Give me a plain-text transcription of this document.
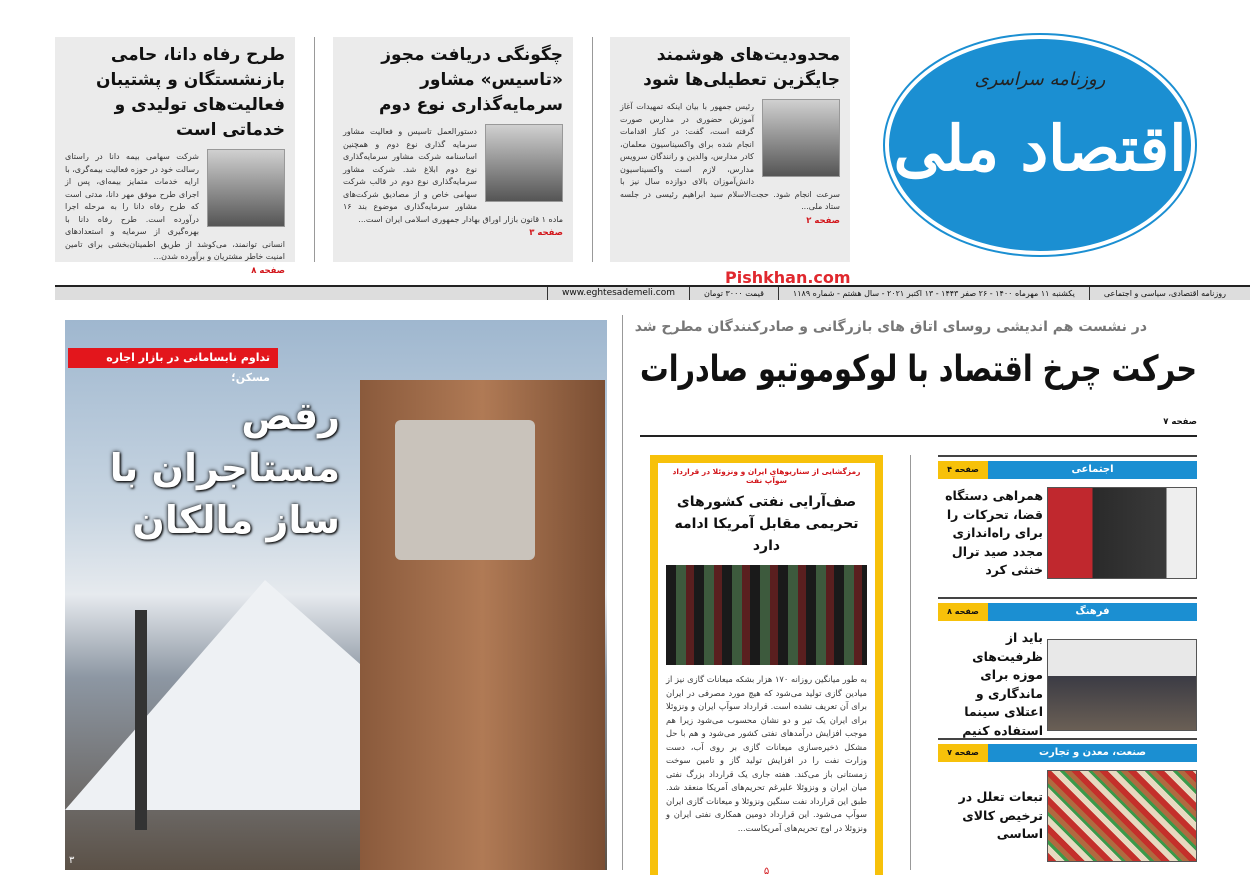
روزنامه سراسری
اقتصاد ملی
محدودیت‌های هوشمند جایگزین تعطیلی‌ها شود

رئیس جمهور با بیان اینکه تمهیدات آغاز آموزش حضوری در مدارس صورت گرفته است، گفت: در کنار اقدامات انجام شده برای واکسیناسیون معلمان، کادر مدارس، والدین و رانندگان سرویس مدارس، لازم است واکسیناسیون دانش‌آموزان بالای دوازده سال نیز با سرعت انجام شود. حجت‌الاسلام سید ابراهیم رئیسی در جلسه ستاد ملی...

صفحه ۲
چگونگی دریافت مجوز «تاسیس» مشاور سرمایه‌گذاری نوع دوم

دستورالعمل تاسیس و فعالیت مشاور سرمایه گذاری نوع دوم و همچنین اساسنامه شرکت مشاور سرمایه‌گذاری نوع دوم ابلاغ شد. شرکت مشاور سرمایه‌گذاری نوع دوم در قالب شرکت سهامی خاص و از مصادیق شرکت‌های مشاور سرمایه‌گذاری موضوع بند ۱۶ ماده ۱ قانون بازار اوراق بهادار جمهوری اسلامی ایران است...

صفحه ۳
طرح رفاه دانا، حامی بازنشستگان و پشتیبان فعالیت‌های تولیدی و خدماتی است

شرکت سهامی بیمه دانا در راستای رسالت خود در حوزه فعالیت بیمه‌گری، با ارایه خدمات متمایز بیمه‌ای، پس از اجرای طرح موفق مهر دانا، مدتی است که طرح رفاه دانا را به مرحله اجرا درآورده است. طرح رفاه دانا با بهره‌گیری از سرمایه و استعدادهای انسانی توانمند، می‌کوشد از طریق اطمینان‌بخشی برای تامین امنیت خاطر مشتریان و برآورده شدن...

صفحه ۸
روزنامه اقتصادی، سیاسی و اجتماعی
یکشنبه ۱۱ مهرماه ۱۴۰۰ - ۲۶ صفر ۱۴۴۳ - ۱۳ اکتبر ۲۰۲۱ - سال هشتم - شماره ۱۱۸۹
قیمت ۳۰۰۰ تومان
www.eghtesademeli.com
Pishkhan.com
تداوم نابسامانی در بازار اجاره مسکن؛
رقص مستاجران با ساز مالکان
۳
در نشست هم اندیشی روسای اتاق های بازرگانی و صادرکنندگان مطرح شد
حرکت چرخ اقتصاد با لوکوموتیو صادرات
صفحه ۷
رمزگشایی از سناریوهای ایران و ونزوئلا در قرارداد سوآپ نفت
صف‌آرایی نفتی کشورهای تحریمی مقابل آمریکا ادامه دارد

به طور میانگین روزانه ۱۷۰ هزار بشکه میعانات گازی نیز از میادین گازی تولید می‌شود که هیچ مورد مصرفی در ایران برای آن تعریف نشده است. قرارداد سوآپ ایران و ونزوئلا برای ایران یک تیر و دو نشان محسوب می‌شود زیرا هم موجب افزایش درآمدهای نفتی کشور می‌شود و هم با حل مشکل ذخیره‌سازی میعانات گازی بر روی آب، دست وزارت نفت را در افزایش تولید گاز و تامین سوخت زمستانی باز می‌کند. هفته جاری یک قرارداد بزرگ نفتی میان ایران و ونزوئلا علیرغم تحریم‌های آمریکا منعقد شد. طبق این قرارداد نفت سنگین ونزوئلا و میعانات گازی ایران سوآپ می‌شود. این قرارداد دومین همکاری نفتی ایران و ونزوئلا در اوج تحریم‌های آمریکاست...

۵
اجتماعی
صفحه ۴
همراهی دستگاه قضا، تحرکات را برای راه‌اندازی مجدد صید ترال خنثی کرد
فرهنگ
صفحه ۸
باید از ظرفیت‌های موزه برای ماندگاری و اعتلای سینما استفاده کنیم
صنعت، معدن و تجارت
صفحه ۷
تبعات تعلل در ترخیص کالای اساسی
